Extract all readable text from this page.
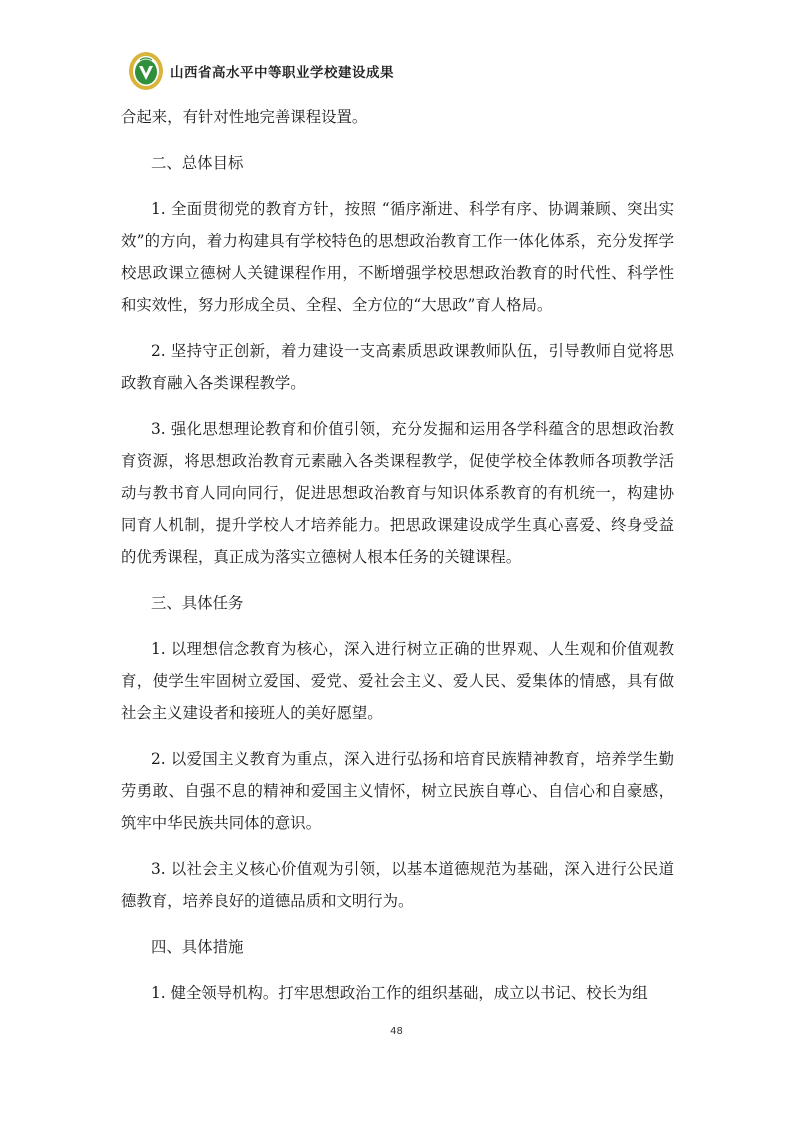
山西省高水平中等职业学校建设成果

合起来，有针对性地完善课程设置。

二、总体目标

1. 全面贯彻党的教育方针，按照 “循序渐进、科学有序、协调兼顾、突出实效”的方向，着力构建具有学校特色的思想政治教育工作一体化体系，充分发挥学校思政课立德树人关键课程作用，不断增强学校思想政治教育的时代性、科学性和实效性，努力形成全员、全程、全方位的“大思政”育人格局。

2. 坚持守正创新，着力建设一支高素质思政课教师队伍，引导教师自觉将思政教育融入各类课程教学。

3. 强化思想理论教育和价值引领，充分发掘和运用各学科蕴含的思想政治教育资源，将思想政治教育元素融入各类课程教学，促使学校全体教师各项教学活动与教书育人同向同行，促进思想政治教育与知识体系教育的有机统一，构建协同育人机制，提升学校人才培养能力。把思政课建设成学生真心喜爱、终身受益的优秀课程，真正成为落实立德树人根本任务的关键课程。

三、具体任务

1. 以理想信念教育为核心，深入进行树立正确的世界观、人生观和价值观教育，使学生牢固树立爱国、爱党、爱社会主义、爱人民、爱集体的情感，具有做社会主义建设者和接班人的美好愿望。

2. 以爱国主义教育为重点，深入进行弘扬和培育民族精神教育，培养学生勤劳勇敢、自强不息的精神和爱国主义情怀，树立民族自尊心、自信心和自豪感，筑牢中华民族共同体的意识。

3. 以社会主义核心价值观为引领，以基本道德规范为基础，深入进行公民道德教育，培养良好的道德品质和文明行为。

四、具体措施

1. 健全领导机构。打牢思想政治工作的组织基础，成立以书记、校长为组

48
